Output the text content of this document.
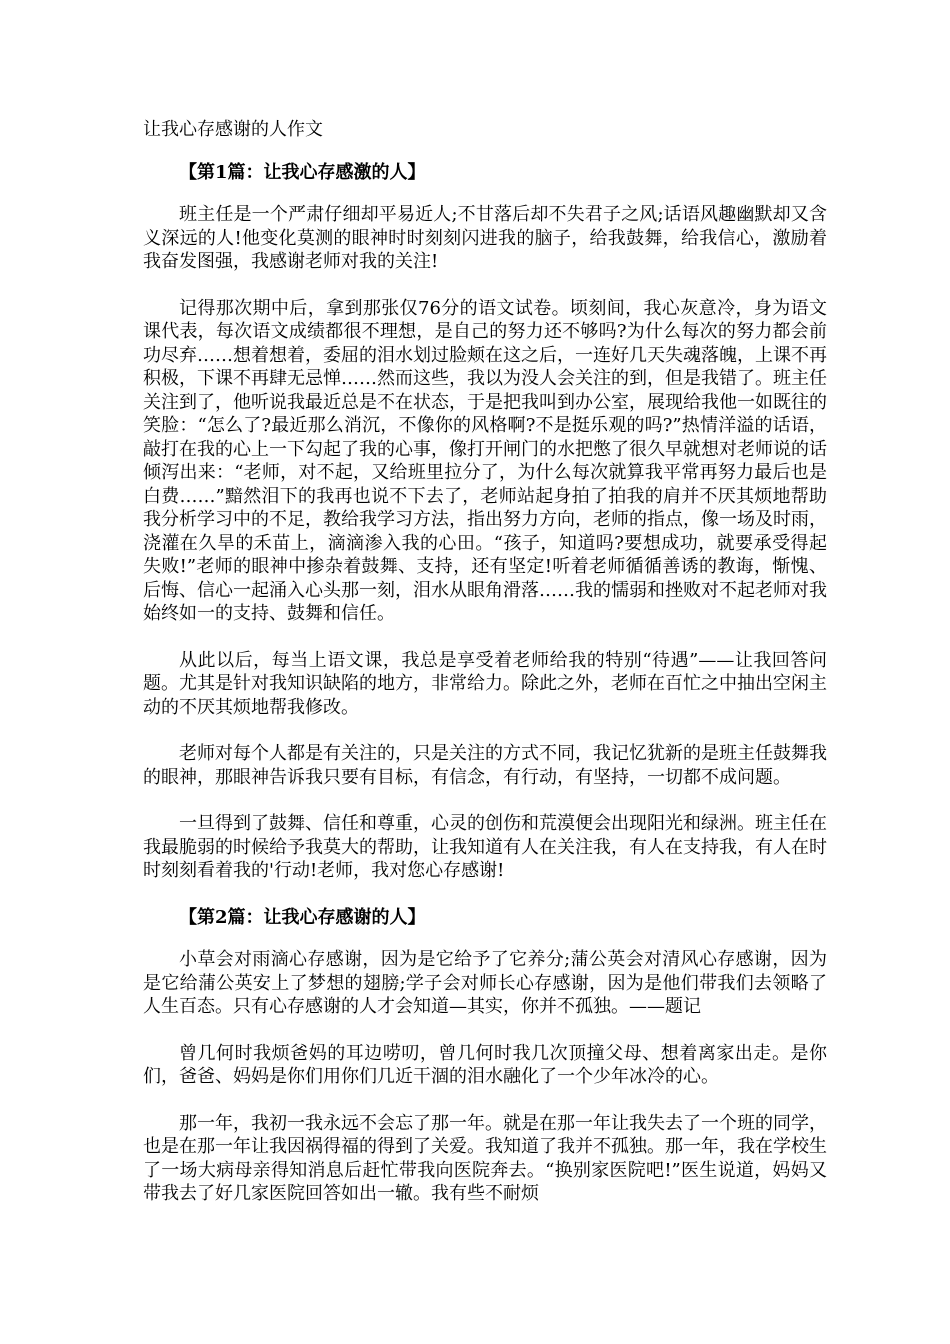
让我心存感谢的人作文
【第1篇：让我心存感激的人】

班主任是一个严肃仔细却平易近人;不甘落后却不失君子之风;话语风趣幽默却又含义深远的人!他变化莫测的眼神时时刻刻闪进我的脑子，给我鼓舞，给我信心，激励着我奋发图强，我感谢老师对我的关注!

记得那次期中后，拿到那张仅76分的语文试卷。顷刻间，我心灰意冷，身为语文课代表，每次语文成绩都很不理想，是自己的努力还不够吗?为什么每次的努力都会前功尽弃……想着想着，委屈的泪水划过脸颊在这之后，一连好几天失魂落魄，上课不再积极，下课不再肆无忌惮……然而这些，我以为没人会关注的到，但是我错了。班主任关注到了，他听说我最近总是不在状态，于是把我叫到办公室，展现给我他一如既往的笑脸：“怎么了?最近那么消沉，不像你的风格啊?不是挺乐观的吗?”热情洋溢的话语，敲打在我的心上一下勾起了我的心事，像打开闸门的水把憋了很久早就想对老师说的话倾泻出来：“老师，对不起，又给班里拉分了，为什么每次就算我平常再努力最后也是白费……”黯然泪下的我再也说不下去了，老师站起身拍了拍我的肩并不厌其烦地帮助我分析学习中的不足，教给我学习方法，指出努力方向，老师的指点，像一场及时雨，浇灌在久旱的禾苗上，滴滴渗入我的心田。“孩子，知道吗?要想成功，就要承受得起失败!”老师的眼神中掺杂着鼓舞、支持，还有坚定!听着老师循循善诱的教诲，惭愧、后悔、信心一起涌入心头那一刻，泪水从眼角滑落……我的懦弱和挫败对不起老师对我始终如一的支持、鼓舞和信任。

从此以后，每当上语文课，我总是享受着老师给我的特别“待遇”——让我回答问题。尤其是针对我知识缺陷的地方，非常给力。除此之外，老师在百忙之中抽出空闲主动的不厌其烦地帮我修改。

老师对每个人都是有关注的，只是关注的方式不同，我记忆犹新的是班主任鼓舞我的眼神，那眼神告诉我只要有目标，有信念，有行动，有坚持，一切都不成问题。

一旦得到了鼓舞、信任和尊重，心灵的创伤和荒漠便会出现阳光和绿洲。班主任在我最脆弱的时候给予我莫大的帮助，让我知道有人在关注我，有人在支持我，有人在时时刻刻看着我的'行动!老师，我对您心存感谢!

【第2篇：让我心存感谢的人】

小草会对雨滴心存感谢，因为是它给予了它养分;蒲公英会对清风心存感谢，因为是它给蒲公英安上了梦想的翅膀;学子会对师长心存感谢，因为是他们带我们去领略了人生百态。只有心存感谢的人才会知道—其实，你并不孤独。——题记

曾几何时我烦爸妈的耳边唠叨，曾几何时我几次顶撞父母、想着离家出走。是你们，爸爸、妈妈是你们用你们几近干涸的泪水融化了一个少年冰冷的心。

那一年，我初一我永远不会忘了那一年。就是在那一年让我失去了一个班的同学，也是在那一年让我因祸得福的得到了关爱。我知道了我并不孤独。那一年，我在学校生了一场大病母亲得知消息后赶忙带我向医院奔去。“换别家医院吧!”医生说道，妈妈又带我去了好几家医院回答如出一辙。我有些不耐烦
